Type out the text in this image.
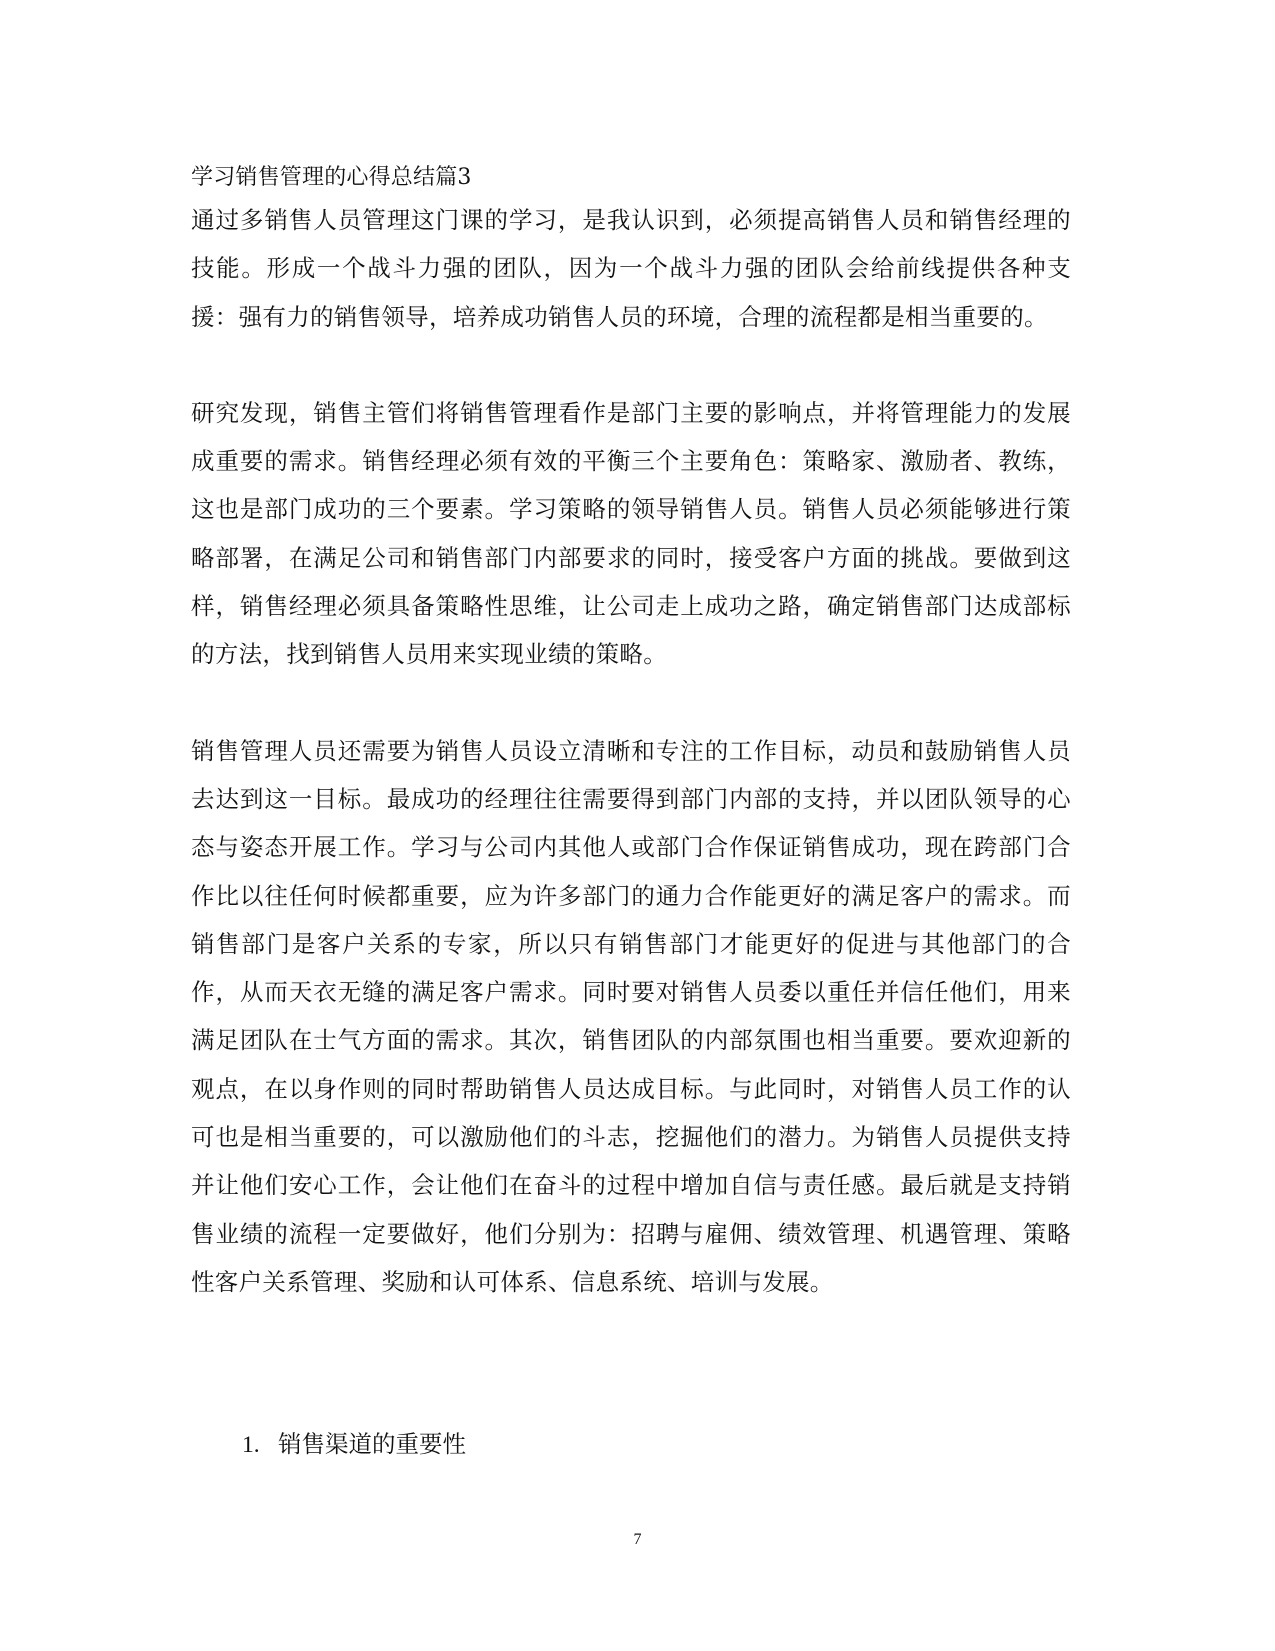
学习销售管理的心得总结篇3

通过多销售人员管理这门课的学习，是我认识到，必须提高销售人员和销售经理的技能。形成一个战斗力强的团队，因为一个战斗力强的团队会给前线提供各种支援：强有力的销售领导，培养成功销售人员的环境，合理的流程都是相当重要的。

研究发现，销售主管们将销售管理看作是部门主要的影响点，并将管理能力的发展成重要的需求。销售经理必须有效的平衡三个主要角色：策略家、激励者、教练，这也是部门成功的三个要素。学习策略的领导销售人员。销售人员必须能够进行策略部署，在满足公司和销售部门内部要求的同时，接受客户方面的挑战。要做到这样，销售经理必须具备策略性思维，让公司走上成功之路，确定销售部门达成部标的方法，找到销售人员用来实现业绩的策略。

销售管理人员还需要为销售人员设立清晰和专注的工作目标，动员和鼓励销售人员去达到这一目标。最成功的经理往往需要得到部门内部的支持，并以团队领导的心态与姿态开展工作。学习与公司内其他人或部门合作保证销售成功，现在跨部门合作比以往任何时候都重要，应为许多部门的通力合作能更好的满足客户的需求。而销售部门是客户关系的专家，所以只有销售部门才能更好的促进与其他部门的合作，从而天衣无缝的满足客户需求。同时要对销售人员委以重任并信任他们，用来满足团队在士气方面的需求。其次，销售团队的内部氛围也相当重要。要欢迎新的观点，在以身作则的同时帮助销售人员达成目标。与此同时，对销售人员工作的认可也是相当重要的，可以激励他们的斗志，挖掘他们的潜力。为销售人员提供支持并让他们安心工作，会让他们在奋斗的过程中增加自信与责任感。最后就是支持销售业绩的流程一定要做好，他们分别为：招聘与雇佣、绩效管理、机遇管理、策略性客户关系管理、奖励和认可体系、信息系统、培训与发展。

1. 销售渠道的重要性
7
